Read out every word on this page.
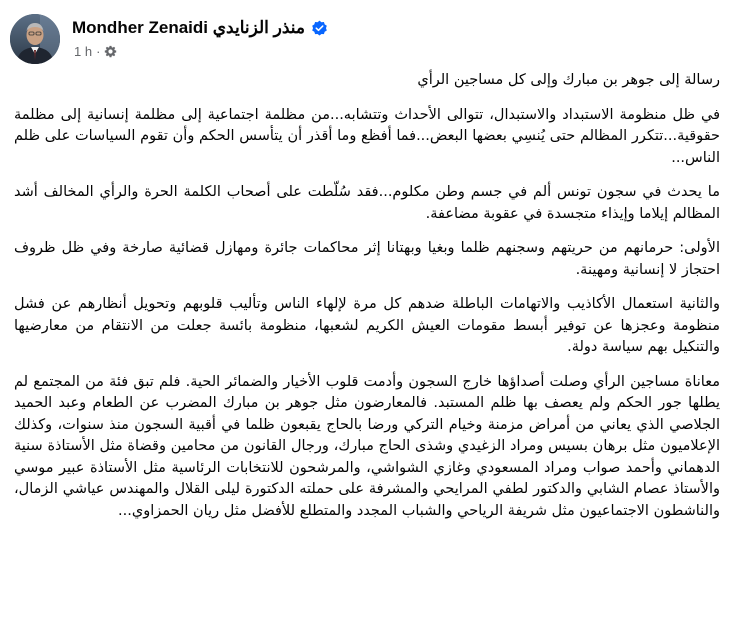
Mondher Zenaidi منذر الزنايدي
1 h ·

رسالة إلى جوهر بن مبارك وإلى كل مساجين الرأي

في ظل منظومة الاستبداد والاستبدال، تتوالى الأحداث وتتشابه...من مظلمة اجتماعية إلى مظلمة إنسانية إلى مظلمة حقوقية...تتكرر المظالم حتى يُنسِي بعضها البعض...فما أفظع وما أقذر أن يتأسس الحكم وأن تقوم السياسات على ظلم الناس...

ما يحدث في سجون تونس ألم في جسم وطن مكلوم...فقد سُلّطت على أصحاب الكلمة الحرة والرأي المخالف أشد المظالم إيلاما وإيذاء متجسدة في عقوبة مضاعفة.

الأولى: حرمانهم من حريتهم وسجنهم ظلما وبغيا وبهتانا إثر محاكمات جائرة ومهازل قضائية صارخة وفي ظل ظروف احتجاز لا إنسانية ومهينة.

والثانية استعمال الأكاذيب والاتهامات الباطلة ضدهم كل مرة لإلهاء الناس وتأليب قلوبهم وتحويل أنظارهم عن فشل منظومة وعجزها عن توفير أبسط مقومات العيش الكريم لشعبها، منظومة بائسة جعلت من الانتقام من معارضيها والتنكيل بهم سياسة دولة.

معاناة مساجين الرأي وصلت أصداؤها خارج السجون وأدمت قلوب الأخيار والضمائر الحية. فلم تبق فئة من المجتمع لم يطلها جور الحكم ولم يعصف بها ظلم المستبد. فالمعارضون مثل جوهر بن مبارك المضرب عن الطعام وعبد الحميد الجلاصي الذي يعاني من أمراض مزمنة وخيام التركي ورضا بالحاج يقبعون ظلما في أقبية السجون منذ سنوات، وكذلك الإعلاميون مثل برهان بسيس ومراد الزغيدي وشذى الحاج مبارك، ورجال القانون من محامين وقضاة مثل الأستاذة سنية الدهماني وأحمد صواب ومراد المسعودي وغازي الشواشي، والمرشحون للانتخابات الرئاسية مثل الأستاذة عبير موسي والأستاذ عصام الشابي والدكتور لطفي المرايحي والمشرفة على حملته الدكتورة ليلى القلال والمهندس عياشي الزمال، والناشطون الاجتماعيون مثل شريفة الرياحي والشباب المجدد والمتطلع للأفضل مثل ريان الحمزاوي...
